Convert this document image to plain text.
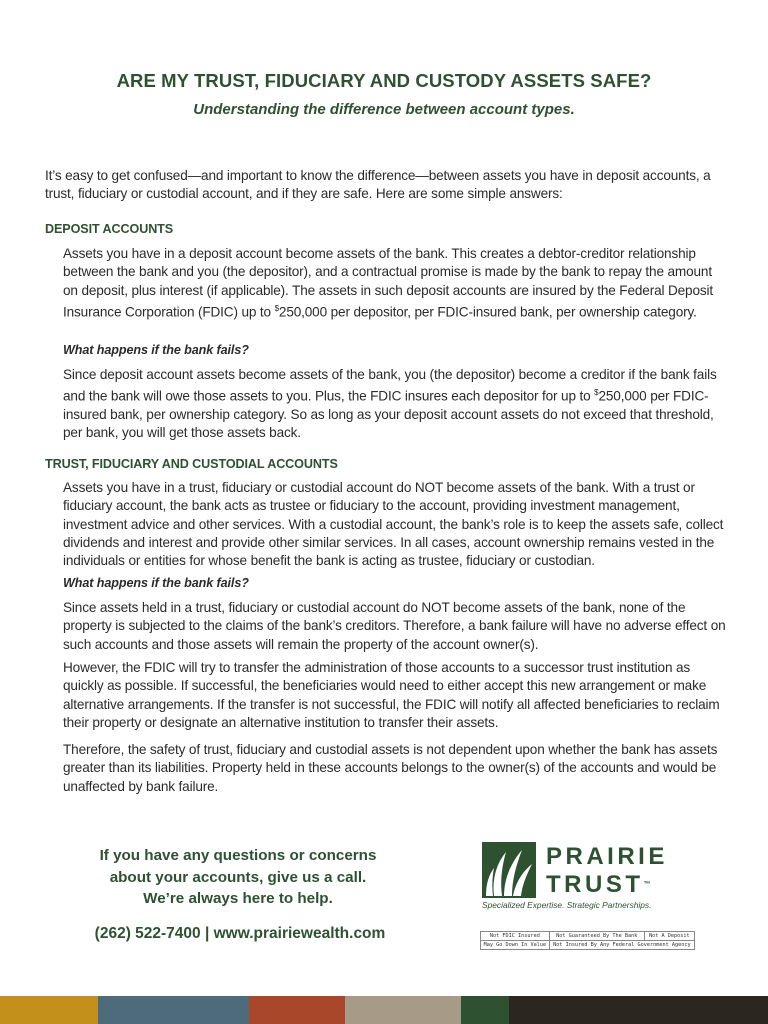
ARE MY TRUST, FIDUCIARY AND CUSTODY ASSETS SAFE?

Understanding the difference between account types.

It’s easy to get confused—and important to know the difference—between assets you have in deposit accounts, a trust, fiduciary or custodial account, and if they are safe. Here are some simple answers:

DEPOSIT ACCOUNTS

Assets you have in a deposit account become assets of the bank. This creates a debtor-creditor relationship between the bank and you (the depositor), and a contractual promise is made by the bank to repay the amount on deposit, plus interest (if applicable). The assets in such deposit accounts are insured by the Federal Deposit Insurance Corporation (FDIC) up to $250,000 per depositor, per FDIC-insured bank, per ownership category.

What happens if the bank fails?

Since deposit account assets become assets of the bank, you (the depositor) become a creditor if the bank fails and the bank will owe those assets to you. Plus, the FDIC insures each depositor for up to $250,000 per FDIC-insured bank, per ownership category. So as long as your deposit account assets do not exceed that threshold, per bank, you will get those assets back.

TRUST, FIDUCIARY AND CUSTODIAL ACCOUNTS

Assets you have in a trust, fiduciary or custodial account do NOT become assets of the bank. With a trust or fiduciary account, the bank acts as trustee or fiduciary to the account, providing investment management, investment advice and other services. With a custodial account, the bank’s role is to keep the assets safe, collect dividends and interest and provide other similar services. In all cases, account ownership remains vested in the individuals or entities for whose benefit the bank is acting as trustee, fiduciary or custodian.

What happens if the bank fails?

Since assets held in a trust, fiduciary or custodial account do NOT become assets of the bank, none of the property is subjected to the claims of the bank’s creditors. Therefore, a bank failure will have no adverse effect on such accounts and those assets will remain the property of the account owner(s).

However, the FDIC will try to transfer the administration of those accounts to a successor trust institution as quickly as possible. If successful, the beneficiaries would need to either accept this new arrangement or make alternative arrangements. If the transfer is not successful, the FDIC will notify all affected beneficiaries to reclaim their property or designate an alternative institution to transfer their assets.

Therefore, the safety of trust, fiduciary and custodial assets is not dependent upon whether the bank has assets greater than its liabilities. Property held in these accounts belongs to the owner(s) of the accounts and would be unaffected by bank failure.

If you have any questions or concerns
about your accounts, give us a call.
We’re always here to help.

(262) 522-7400 | www.prairiewealth.com

PRAIRIE

TRUST™

Specialized Expertise. Strategic Partnerships.

Not FDIC Insured	Not Guaranteed By The Bank	Not A Deposit
May Go Down In Value	Not Insured By Any Federal Government Agency	
